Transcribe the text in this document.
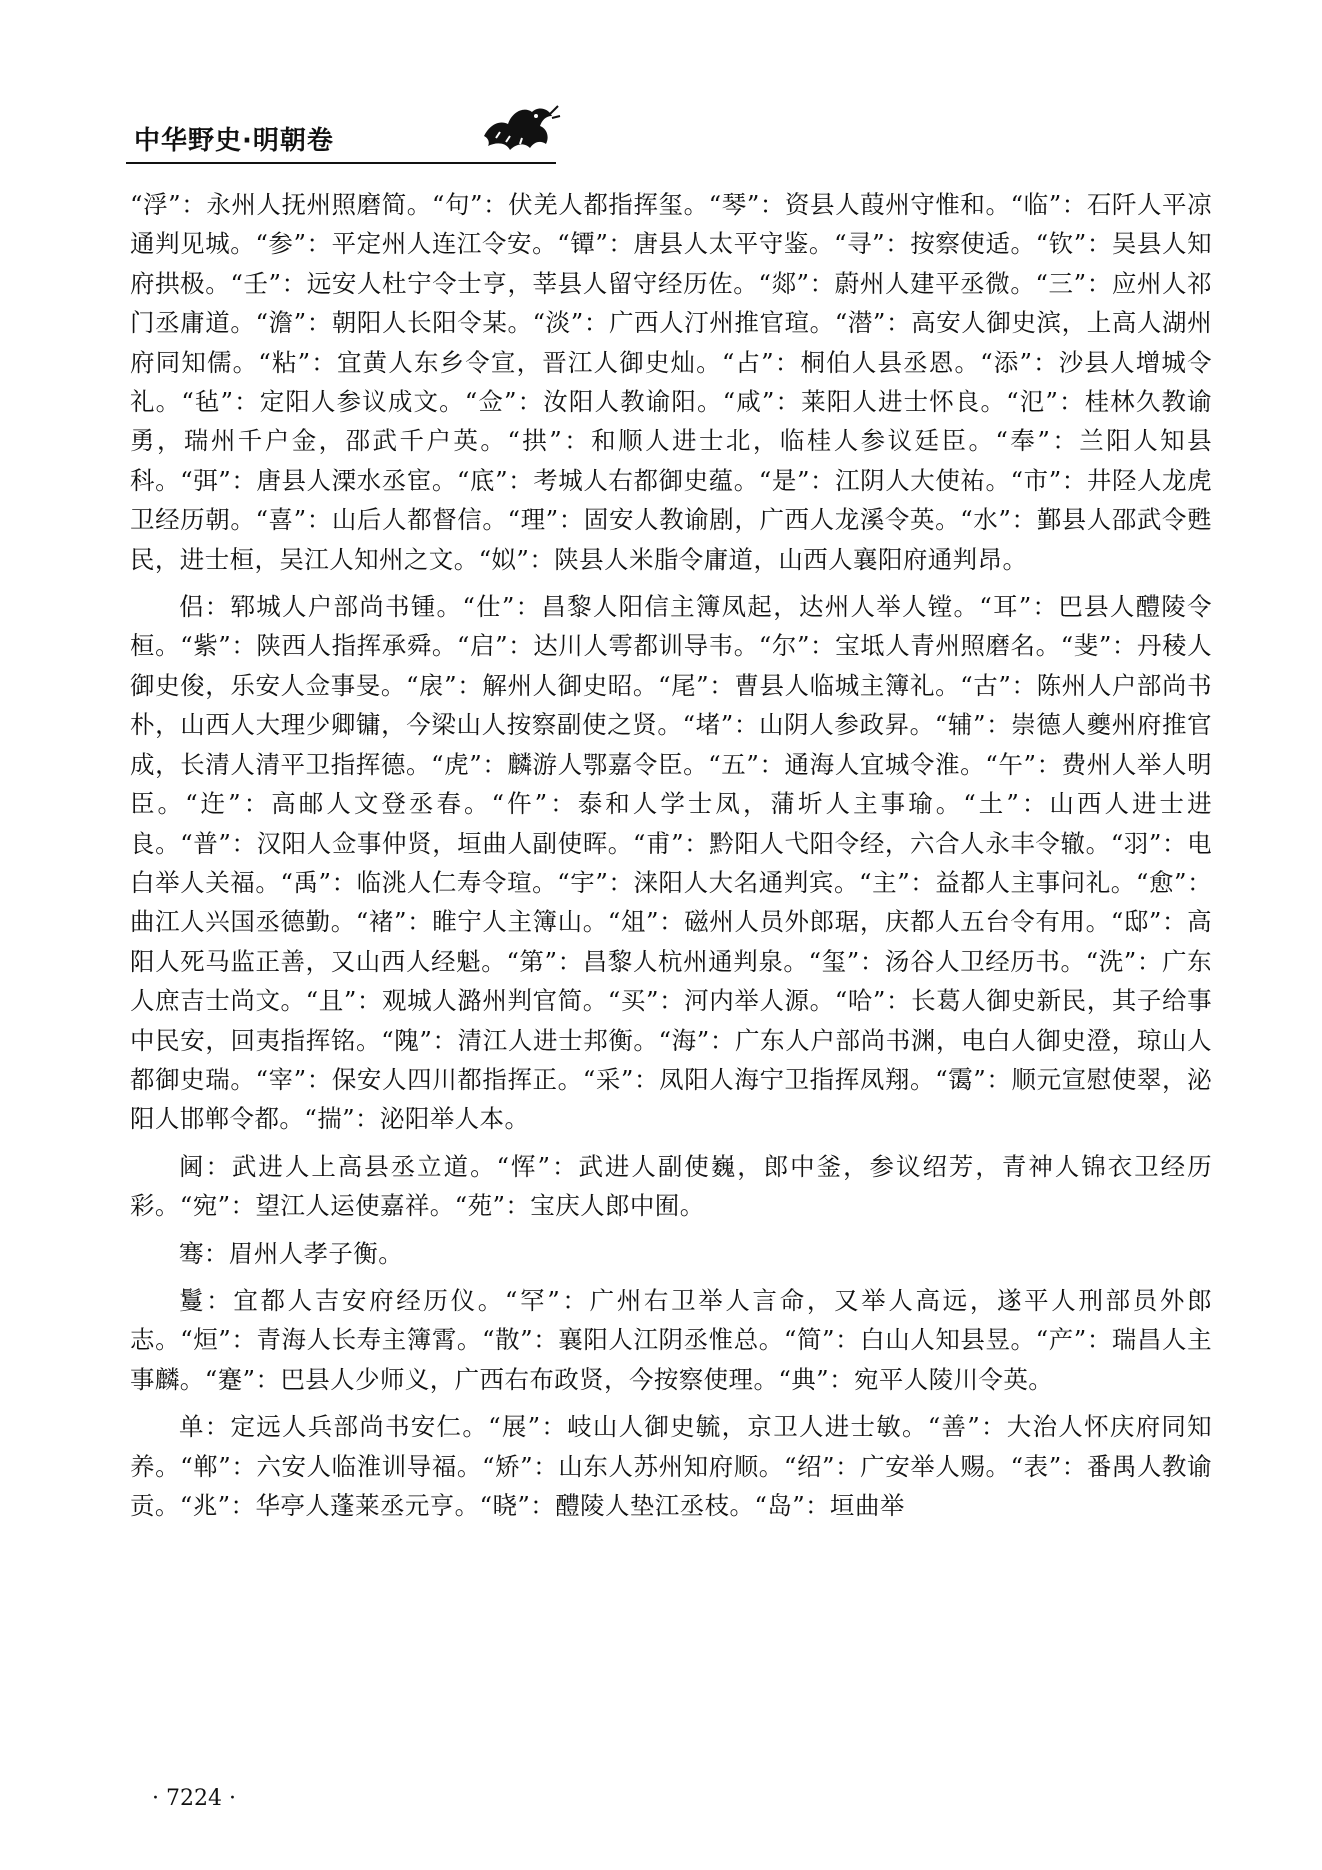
中华野史·明朝卷

“浮”：永州人抚州照磨简。“句”：伏羌人都指挥玺。“琴”：资县人葭州守惟和。“临”：石阡人平凉通判见城。“参”：平定州人连江令安。“镡”：唐县人太平守鉴。“寻”：按察使适。“钦”：吴县人知府拱极。“壬”：远安人杜宁令士亨，莘县人留守经历佐。“郯”：蔚州人建平丞微。“三”：应州人祁门丞庸道。“澹”：朝阳人长阳令某。“淡”：广西人汀州推官瑄。“潜”：高安人御史滨，上高人湖州府同知儒。“粘”：宜黄人东乡令宣，晋江人御史灿。“占”：桐伯人县丞恩。“添”：沙县人增城令礼。“毡”：定阳人参议成文。“佥”：汝阳人教谕阳。“咸”：莱阳人进士怀良。“氾”：桂林久教谕勇，瑞州千户金，邵武千户英。“拱”：和顺人进士北，临桂人参议廷臣。“奉”：兰阳人知县科。“弭”：唐县人溧水丞宦。“底”：考城人右都御史蕴。“是”：江阴人大使祐。“市”：井陉人龙虎卫经历朝。“喜”：山后人都督信。“理”：固安人教谕剧，广西人龙溪令英。“水”：鄞县人邵武令甦民，进士桓，吴江人知州之文。“姒”：陕县人米脂令庸道，山西人襄阳府通判昂。

侣：郓城人户部尚书锺。“仕”：昌黎人阳信主簿凤起，达州人举人镗。“耳”：巴县人醴陵令桓。“紫”：陕西人指挥承舜。“启”：达川人雩都训导韦。“尔”：宝坻人青州照磨名。“斐”：丹稜人御史俊，乐安人佥事旻。“扆”：解州人御史昭。“尾”：曹县人临城主簿礼。“古”：陈州人户部尚书朴，山西人大理少卿镛，今梁山人按察副使之贤。“堵”：山阴人参政昇。“辅”：崇德人夔州府推官成，长清人清平卫指挥德。“虎”：麟游人鄂嘉令臣。“五”：通海人宜城令淮。“午”：费州人举人明臣。“迕”：高邮人文登丞春。“仵”：泰和人学士凤，蒲圻人主事瑜。“土”：山西人进士进良。“普”：汉阳人佥事仲贤，垣曲人副使晖。“甫”：黔阳人弋阳令经，六合人永丰令辙。“羽”：电白举人关福。“禹”：临洮人仁寿令瑄。“宇”：涞阳人大名通判宾。“主”：益都人主事问礼。“愈”：曲江人兴国丞德勤。“褚”：睢宁人主簿山。“俎”：磁州人员外郎琚，庆都人五台令有用。“邸”：高阳人死马监正善，又山西人经魁。“第”：昌黎人杭州通判泉。“玺”：汤谷人卫经历书。“洗”：广东人庶吉士尚文。“且”：观城人潞州判官简。“买”：河内举人源。“哈”：长葛人御史新民，其子给事中民安，回夷指挥铭。“隗”：清江人进士邦衡。“海”：广东人户部尚书渊，电白人御史澄，琼山人都御史瑞。“宰”：保安人四川都指挥正。“采”：凤阳人海宁卫指挥凤翔。“霭”：顺元宣慰使翠，泌阳人邯郸令都。“揣”：泌阳举人本。

阃：武进人上高县丞立道。“恽”：武进人副使巍，郎中釜，参议绍芳，青神人锦衣卫经历彩。“宛”：望江人运使嘉祥。“苑”：宝庆人郎中囿。

骞：眉州人孝子衡。

鬘：宜都人吉安府经历仪。“罕”：广州右卫举人言命，又举人高远，遂平人刑部员外郎志。“烜”：青海人长寿主簿霄。“散”：襄阳人江阴丞惟总。“简”：白山人知县昱。“产”：瑞昌人主事麟。“蹇”：巴县人少师义，广西右布政贤，今按察使理。“典”：宛平人陵川令英。

单：定远人兵部尚书安仁。“展”：岐山人御史毓，京卫人进士敏。“善”：大治人怀庆府同知养。“郸”：六安人临淮训导福。“矫”：山东人苏州知府顺。“绍”：广安举人赐。“表”：番禺人教谕贡。“兆”：华亭人蓬莱丞元亨。“晓”：醴陵人垫江丞枝。“岛”：垣曲举

· 7224 ·
